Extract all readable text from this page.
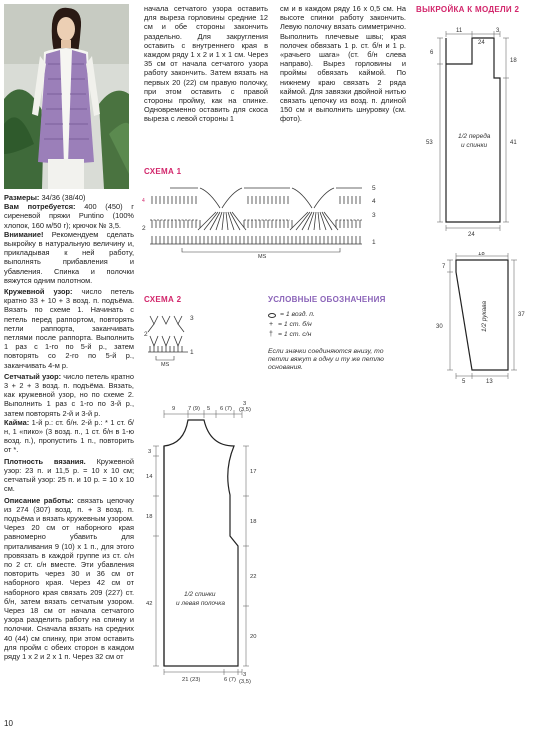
Размеры: 34/36 (38/40)
Вам потребуется: 400 (450) г сиреневой пряжи Puntino (100% хлопок, 160 м/50 г); крючок № 3,5.
Внимание! Рекомендуем сделать выкройку в натуральную величину и, прикладывая к ней работу, выполнять прибавления и убавления. Спинка и полочки вяжутся одним полотном.
Кружевной узор: число петель кратно 33 + 10 + 3 возд. п. подъёма. Вязать по схеме 1. Начинать с петель перед раппортом, повторять петли раппорта, заканчивать петлями после раппорта. Выполнить 1 раз с 1-го по 5-й р., затем повторять со 2-го по 5-й р., заканчивать 4-м р.
Сетчатый узор: число петель кратно 3 + 2 + 3 возд. п. подъёма. Вязать, как кружевной узор, но по схеме 2. Выполнить 1 раз с 1-го по 3-й р., затем повторять 2-й и 3-й р.
Кайма: 1-й р.: ст. б/н. 2-й р.: * 1 ст. б/н, 1 «пико» (3 возд. п., 1 ст. б/н в 1-ю возд. п.), пропустить 1 п., повторить от *.
Плотность вязания. Кружевной узор: 23 п. и 11,5 р. = 10 х 10 см; сетчатый узор: 25 п. и 10 р. = 10 х 10 см.
Описание работы: связать цепочку из 274 (307) возд. п. + 3 возд. п. подъёма и вязать кружевным узором. Через 20 см от наборного края равномерно убавить для приталивания 9 (10) х 1 п., для этого провязать в каждой группе из ст. с/н по 2 ст. с/н вместе. Эти убавления повторить через 30 и 36 см от наборного края. Через 42 см от наборного края связать 209 (227) ст. б/н, затем вязать сетчатым узором. Через 18 см от начала сетчатого узора разделить работу на спинку и полочки. Сначала вязать на средних 40 (44) см спинку, при этом оставить для пройм с обеих сторон в каждом ряду 1 х 2 и 2 х 1 п. Через 32 см от
10
начала сетчатого узора оставить для выреза горловины средние 12 см и обе стороны закончить раздельно. Для закругления оставить с внутреннего края в каждом ряду 1 х 2 и 1 х 1 см. Через 35 см от начала сетчатого узора работу закончить. Затем вязать на первых 20 (22) см правую полочку, при этом оставить с правой стороны пройму, как на спинке. Одновременно оставить для скоса выреза с левой стороны 1
см и в каждом ряду 16 х 0,5 см. На высоте спинки работу закончить. Левую полочку вязать симметрично. Выполнить плечевые швы; края полочек обвязать 1 р. ст. б/н и 1 р. «рачьего шага» (ст. б/н слева направо). Вырез горловины и проймы обвязать каймой. По нижнему краю связать 2 ряда каймой. Для завязки двойной нитью связать цепочку из возд. п. длиной 150 см и выполнить шнуровку (см. фото).
ВЫКРОЙКА К МОДЕЛИ 2
СХЕМА 1
4
5
4
3
2
1
MS
СХЕМА 2
3
2
1
MS
УСЛОВНЫЕ ОБОЗНАЧЕНИЯ
= 1 возд. п.
+ = 1 ст. б/н
† = 1 ст. с/н
Если значки соединяются внизу, то петли вяжут в одну и ту же петлю основания.
11
24
3
6
53
18
41
24
1/2 переда
и спинки
18
7
30
37
5	13
1/2 рукава
9 7 (9) 5 6 (7)
3
(3,5)
3
14
18
42
17
18
22
20
21 (23)	6 (7)
3
(3,5)
1/2 спинки
и левая полочка
